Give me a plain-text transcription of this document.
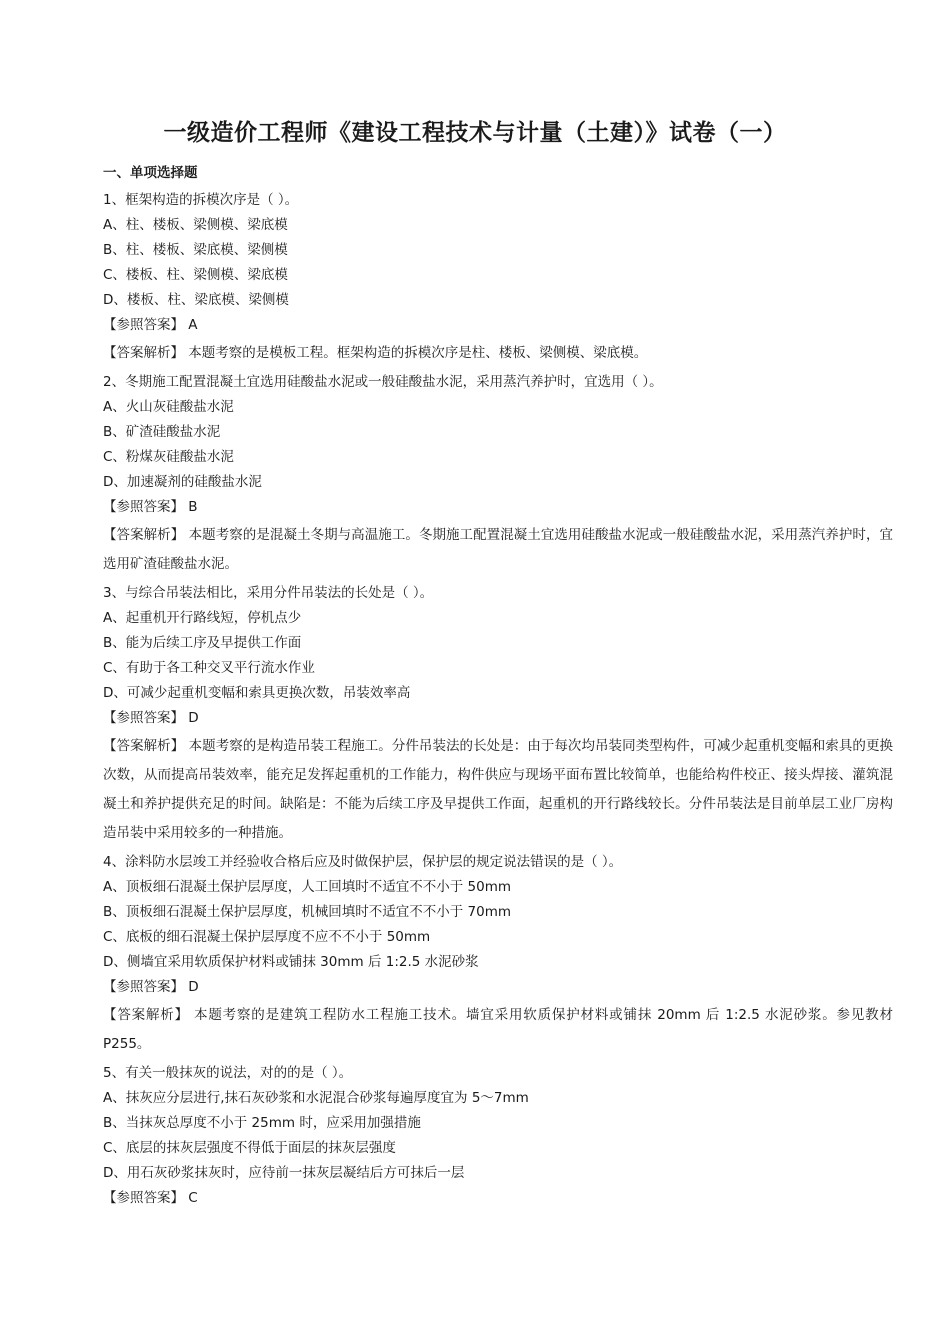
一级造价工程师《建设工程技术与计量（土建）》试卷（一）
一、单项选择题
1、框架构造的拆模次序是（ ）。
A、柱、楼板、梁侧模、梁底模
B、柱、楼板、梁底模、梁侧模
C、楼板、柱、梁侧模、梁底模
D、楼板、柱、梁底模、梁侧模
【参照答案】 A
【答案解析】 本题考察的是模板工程。框架构造的拆模次序是柱、楼板、梁侧模、梁底模。
2、冬期施工配置混凝土宜选用硅酸盐水泥或一般硅酸盐水泥，采用蒸汽养护时，宜选用（ ）。
A、火山灰硅酸盐水泥
B、矿渣硅酸盐水泥
C、粉煤灰硅酸盐水泥
D、加速凝剂的硅酸盐水泥
【参照答案】 B
【答案解析】 本题考察的是混凝土冬期与高温施工。冬期施工配置混凝土宜选用硅酸盐水泥或一般硅酸盐水泥，采用蒸汽养护时，宜选用矿渣硅酸盐水泥。
3、与综合吊装法相比，采用分件吊装法的长处是（ ）。
A、起重机开行路线短，停机点少
B、能为后续工序及早提供工作面
C、有助于各工种交叉平行流水作业
D、可减少起重机变幅和索具更换次数，吊装效率高
【参照答案】 D
【答案解析】 本题考察的是构造吊装工程施工。分件吊装法的长处是：由于每次均吊装同类型构件，可减少起重机变幅和索具的更换次数，从而提高吊装效率，能充足发挥起重机的工作能力，构件供应与现场平面布置比较简单，也能给构件校正、接头焊接、灌筑混凝土和养护提供充足的时间。缺陷是：不能为后续工序及早提供工作面，起重机的开行路线较长。分件吊装法是目前单层工业厂房构造吊装中采用较多的一种措施。
4、涂料防水层竣工并经验收合格后应及时做保护层，保护层的规定说法错误的是（ ）。
A、顶板细石混凝土保护层厚度，人工回填时不适宜不不小于 50mm
B、顶板细石混凝土保护层厚度，机械回填时不适宜不不小于 70mm
C、底板的细石混凝土保护层厚度不应不不小于 50mm
D、侧墙宜采用软质保护材料或铺抹 30mm 后 1:2.5 水泥砂浆
【参照答案】 D
【答案解析】 本题考察的是建筑工程防水工程施工技术。墙宜采用软质保护材料或铺抹 20mm 后 1:2.5 水泥砂浆。参见教材 P255。
5、有关一般抹灰的说法，对的的是（ ）。
A、抹灰应分层进行,抹石灰砂浆和水泥混合砂浆每遍厚度宜为 5～7mm
B、当抹灰总厚度不小于 25mm 时，应采用加强措施
C、底层的抹灰层强度不得低于面层的抹灰层强度
D、用石灰砂浆抹灰时，应待前一抹灰层凝结后方可抹后一层
【参照答案】 C
